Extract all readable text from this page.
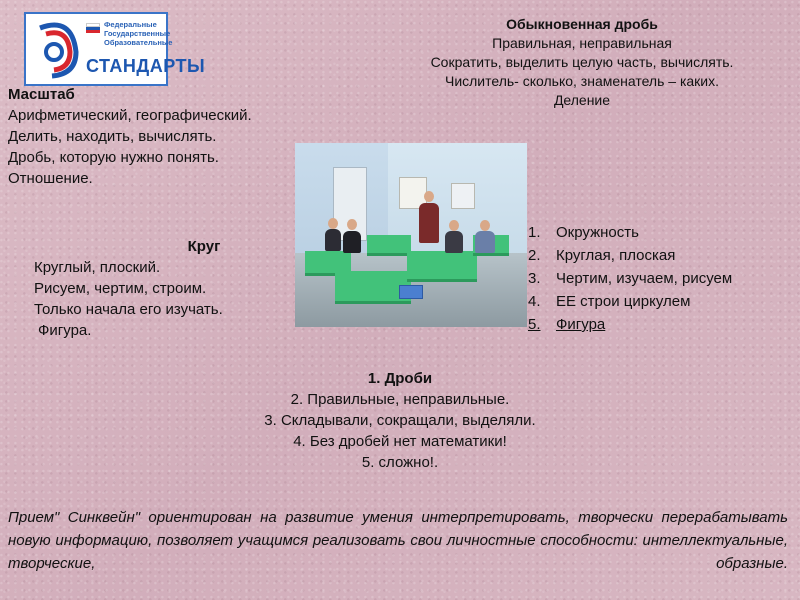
Федеральные
Государственные
Образовательные
СТАНДАРТЫ
Обыкновенная дробь
Правильная, неправильная
Сократить, выделить целую часть, вычислять.
Числитель- сколько, знаменатель – каких.
Деление
Масштаб
Арифметический, географический.
Делить, находить, вычислять.
Дробь, которую нужно понять.
Отношение.
Круг
Круглый, плоский.
Рисуем, чертим, строим.
Только начала его изучать.
Фигура.
1. Окружность
2. Круглая, плоская
3. Чертим, изучаем, рисуем
4. ЕЕ строи циркулем
5. Фигура
1. Дроби
2. Правильные, неправильные.
3. Складывали, сокращали, выделяли.
4. Без дробей нет математики!
5. сложно!.
Прием" Синквейн" ориентирован на развитие умения интерпретировать, творчески перерабатывать новую информацию, позволяет учащимся реализовать свои личностные способности: интеллектуальные, творческие, образные.
